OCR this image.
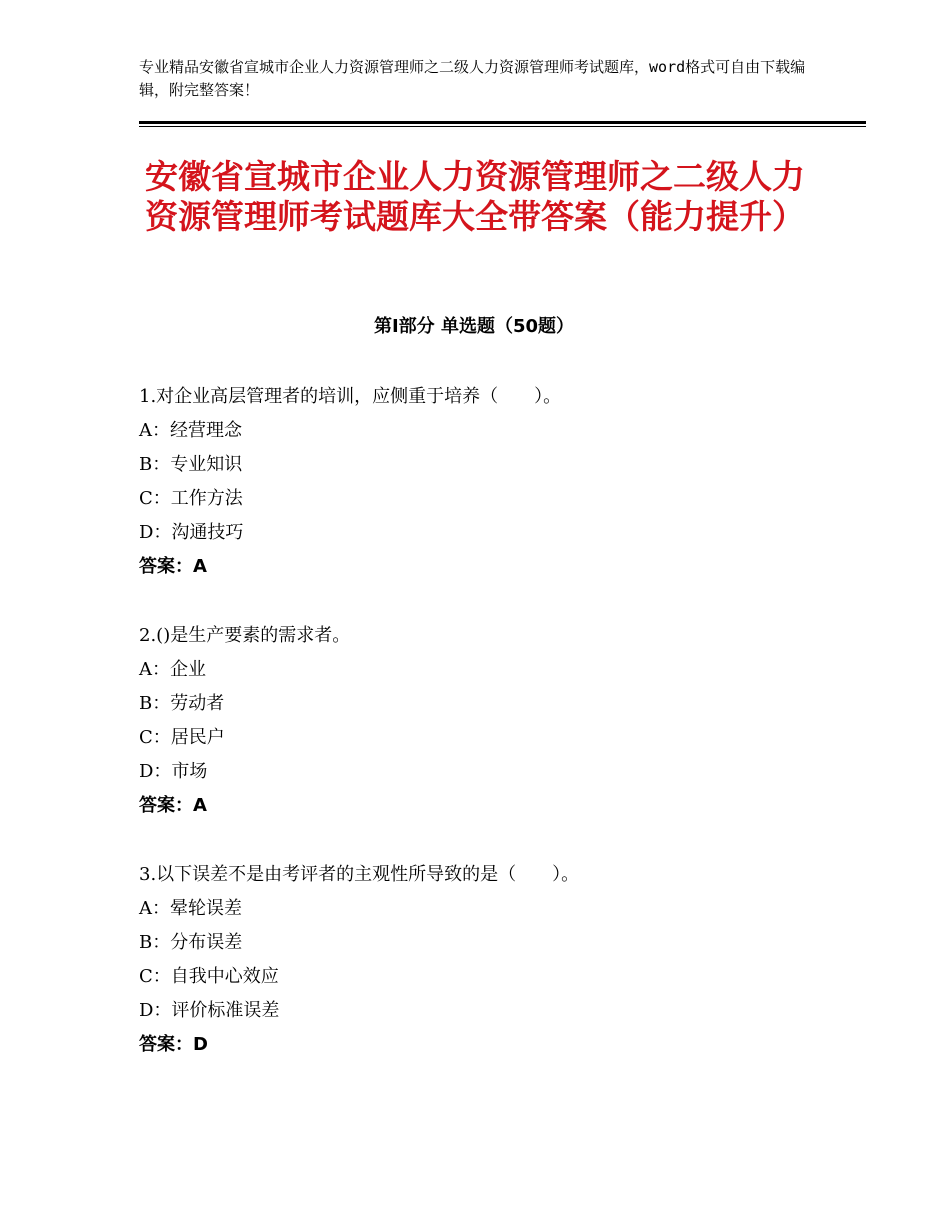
专业精品安徽省宣城市企业人力资源管理师之二级人力资源管理师考试题库，word格式可自由下载编辑，附完整答案！
安徽省宣城市企业人力资源管理师之二级人力资源管理师考试题库大全带答案（能力提升）
第Ⅰ部分 单选题（50题）
1.对企业高层管理者的培训，应侧重于培养（　　）。
A：经营理念
B：专业知识
C：工作方法
D：沟通技巧
答案：A
2.()是生产要素的需求者。
A：企业
B：劳动者
C：居民户
D：市场
答案：A
3.以下误差不是由考评者的主观性所导致的是（　　）。
A：晕轮误差
B：分布误差
C：自我中心效应
D：评价标准误差
答案：D
